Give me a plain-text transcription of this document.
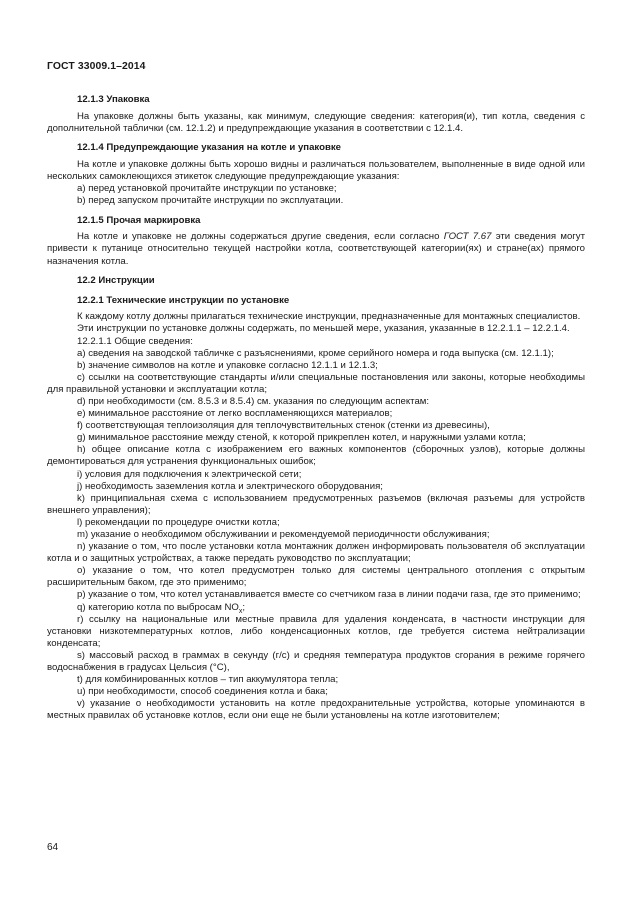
ГОСТ 33009.1–2014

12.1.3 Упаковка

На упаковке должны быть указаны, как минимум, следующие сведения: категория(и), тип котла, сведения с дополнительной таблички (см. 12.1.2) и предупреждающие указания в соответствии с 12.1.4.

12.1.4 Предупреждающие указания на котле и упаковке

На котле и упаковке должны быть хорошо видны и различаться пользователем, выполненные в виде одной или нескольких самоклеющихся этикеток следующие предупреждающие указания:

а) перед установкой прочитайте инструкции по установке;

b) перед запуском прочитайте инструкции по эксплуатации.

12.1.5 Прочая маркировка

На котле и упаковке не должны содержаться другие сведения, если согласно ГОСТ 7.67 эти сведения могут привести к путанице относительно текущей настройки котла, соответствующей категории(ях) и стране(ах) прямого назначения котла.

12.2 Инструкции

12.2.1 Технические инструкции по установке

К каждому котлу должны прилагаться технические инструкции, предназначенные для монтажных специалистов.

Эти инструкции по установке должны содержать, по меньшей мере, указания, указанные в 12.2.1.1 – 12.2.1.4.

12.2.1.1 Общие сведения:

а) сведения на заводской табличке с разъяснениями, кроме серийного номера и года выпуска (см. 12.1.1);

b) значение символов на котле и упаковке согласно 12.1.1 и 12.1.3;

c) ссылки на соответствующие стандарты и/или специальные постановления или законы, которые необходимы для правильной установки и эксплуатации котла;

d) при необходимости (см. 8.5.3 и 8.5.4) см. указания по следующим аспектам:

e) минимальное расстояние от легко воспламеняющихся материалов;

f) соответствующая теплоизоляция для теплочувствительных стенок (стенки из древесины),

g) минимальное расстояние между стеной, к которой прикреплен котел, и наружными узлами котла;

h) общее описание котла с изображением его важных компонентов (сборочных узлов), которые должны демонтироваться для устранения функциональных ошибок;

i) условия для подключения к электрической сети;

j) необходимость заземления котла и электрического оборудования;

k) принципиальная схема с использованием предусмотренных разъемов (включая разъемы для устройств внешнего управления);

l) рекомендации по процедуре очистки котла;

m) указание о необходимом обслуживании и рекомендуемой периодичности обслуживания;

n) указание о том, что после установки котла монтажник должен информировать пользователя об эксплуатации котла и о защитных устройствах, а также передать руководство по эксплуатации;

o) указание о том, что котел предусмотрен только для системы центрального отопления с открытым расширительным баком, где это применимо;

p) указание о том, что котел устанавливается вместе со счетчиком газа в линии подачи газа, где это применимо;

q) категорию котла по выбросам $NO_x$;

r) ссылку на национальные или местные правила для удаления конденсата, в частности инструкции для установки низкотемпературных котлов, либо конденсационных котлов, где требуется система нейтрализации конденсата;

s) массовый расход в граммах в секунду (г/с) и средняя температура продуктов сгорания в режиме горячего водоснабжения в градусах Цельсия (°С),

t) для комбинированных котлов – тип аккумулятора тепла;

u) при необходимости, способ соединения котла и бака;

v) указание о необходимости установить на котле предохранительные устройства, которые упоминаются в местных правилах об установке котлов, если они еще не были установлены на котле изготовителем;

64
